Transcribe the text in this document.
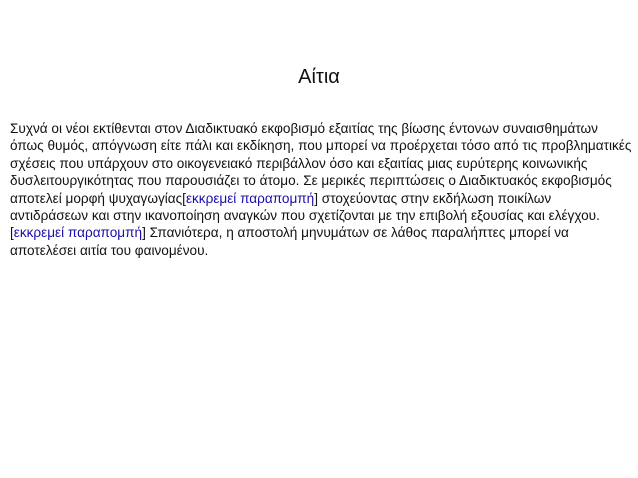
Αίτια

Συχνά οι νέοι εκτίθενται στον Διαδικτυακό εκφοβισμό εξαιτίας της βίωσης έντονων συναισθημάτων όπως θυμός, απόγνωση είτε πάλι και εκδίκηση, που μπορεί να προέρχεται τόσο από τις προβληματικές σχέσεις που υπάρχουν στο οικογενειακό περιβάλλον όσο και εξαιτίας μιας ευρύτερης κοινωνικής δυσλειτουργικότητας που παρουσιάζει το άτομο. Σε μερικές περιπτώσεις ο Διαδικτυακός εκφοβισμός αποτελεί μορφή ψυχαγωγίας[εκκρεμεί παραπομπή] στοχεύοντας στην εκδήλωση ποικίλων αντιδράσεων και στην ικανοποίηση αναγκών που σχετίζονται με την επιβολή εξουσίας και ελέγχου.[εκκρεμεί παραπομπή] Σπανιότερα, η αποστολή μηνυμάτων σε λάθος παραλήπτες μπορεί να αποτελέσει αιτία του φαινομένου.
